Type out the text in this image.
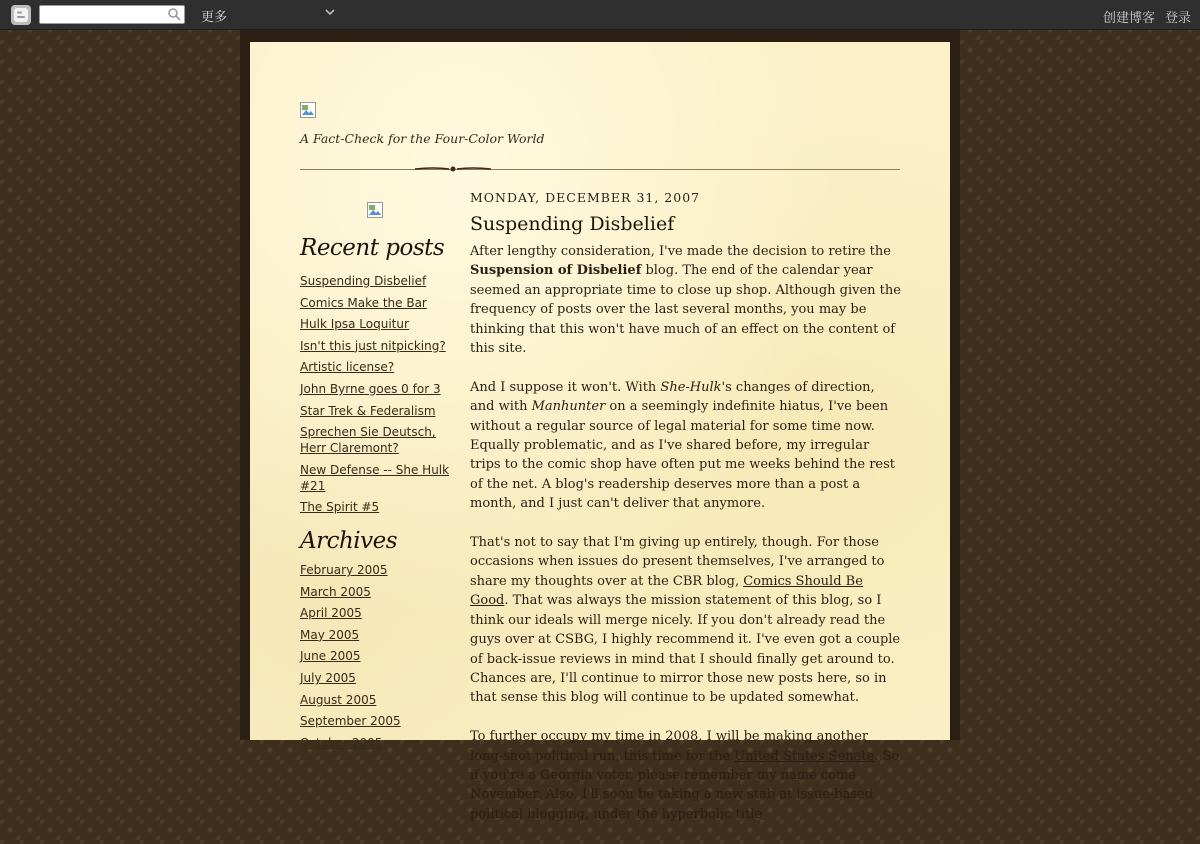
更多	创建博客 登录
A Fact-Check for the Four-Color World
Recent posts
Suspending Disbelief
Comics Make the Bar
Hulk Ipsa Loquitur
Isn't this just nitpicking?
Artistic license?
John Byrne goes 0 for 3
Star Trek & Federalism
Sprechen Sie Deutsch, Herr Claremont?
New Defense -- She Hulk #21
The Spirit #5
Archives
February 2005
March 2005
April 2005
May 2005
June 2005
July 2005
August 2005
September 2005
October 2005
MONDAY, DECEMBER 31, 2007
Suspending Disbelief

After lengthy consideration, I've made the decision to retire the Suspension of Disbelief blog. The end of the calendar year seemed an appropriate time to close up shop. Although given the frequency of posts over the last several months, you may be thinking that this won't have much of an effect on the content of this site.

And I suppose it won't. With She-Hulk's changes of direction, and with Manhunter on a seemingly indefinite hiatus, I've been without a regular source of legal material for some time now. Equally problematic, and as I've shared before, my irregular trips to the comic shop have often put me weeks behind the rest of the net. A blog's readership deserves more than a post a month, and I just can't deliver that anymore.

That's not to say that I'm giving up entirely, though. For those occasions when issues do present themselves, I've arranged to share my thoughts over at the CBR blog, Comics Should Be Good. That was always the mission statement of this blog, so I think our ideals will merge nicely. If you don't already read the guys over at CSBG, I highly recommend it. I've even got a couple of back-issue reviews in mind that I should finally get around to. Chances are, I'll continue to mirror those new posts here, so in that sense this blog will continue to be updated somewhat.

To further occupy my time in 2008, I will be making another long-shot political run, this time for the United States Senate. So if you're a Georgia voter, please remember my name come November. Also, I'll soon be taking a new stab at issue-based political blogging, under the hyperbolic title
